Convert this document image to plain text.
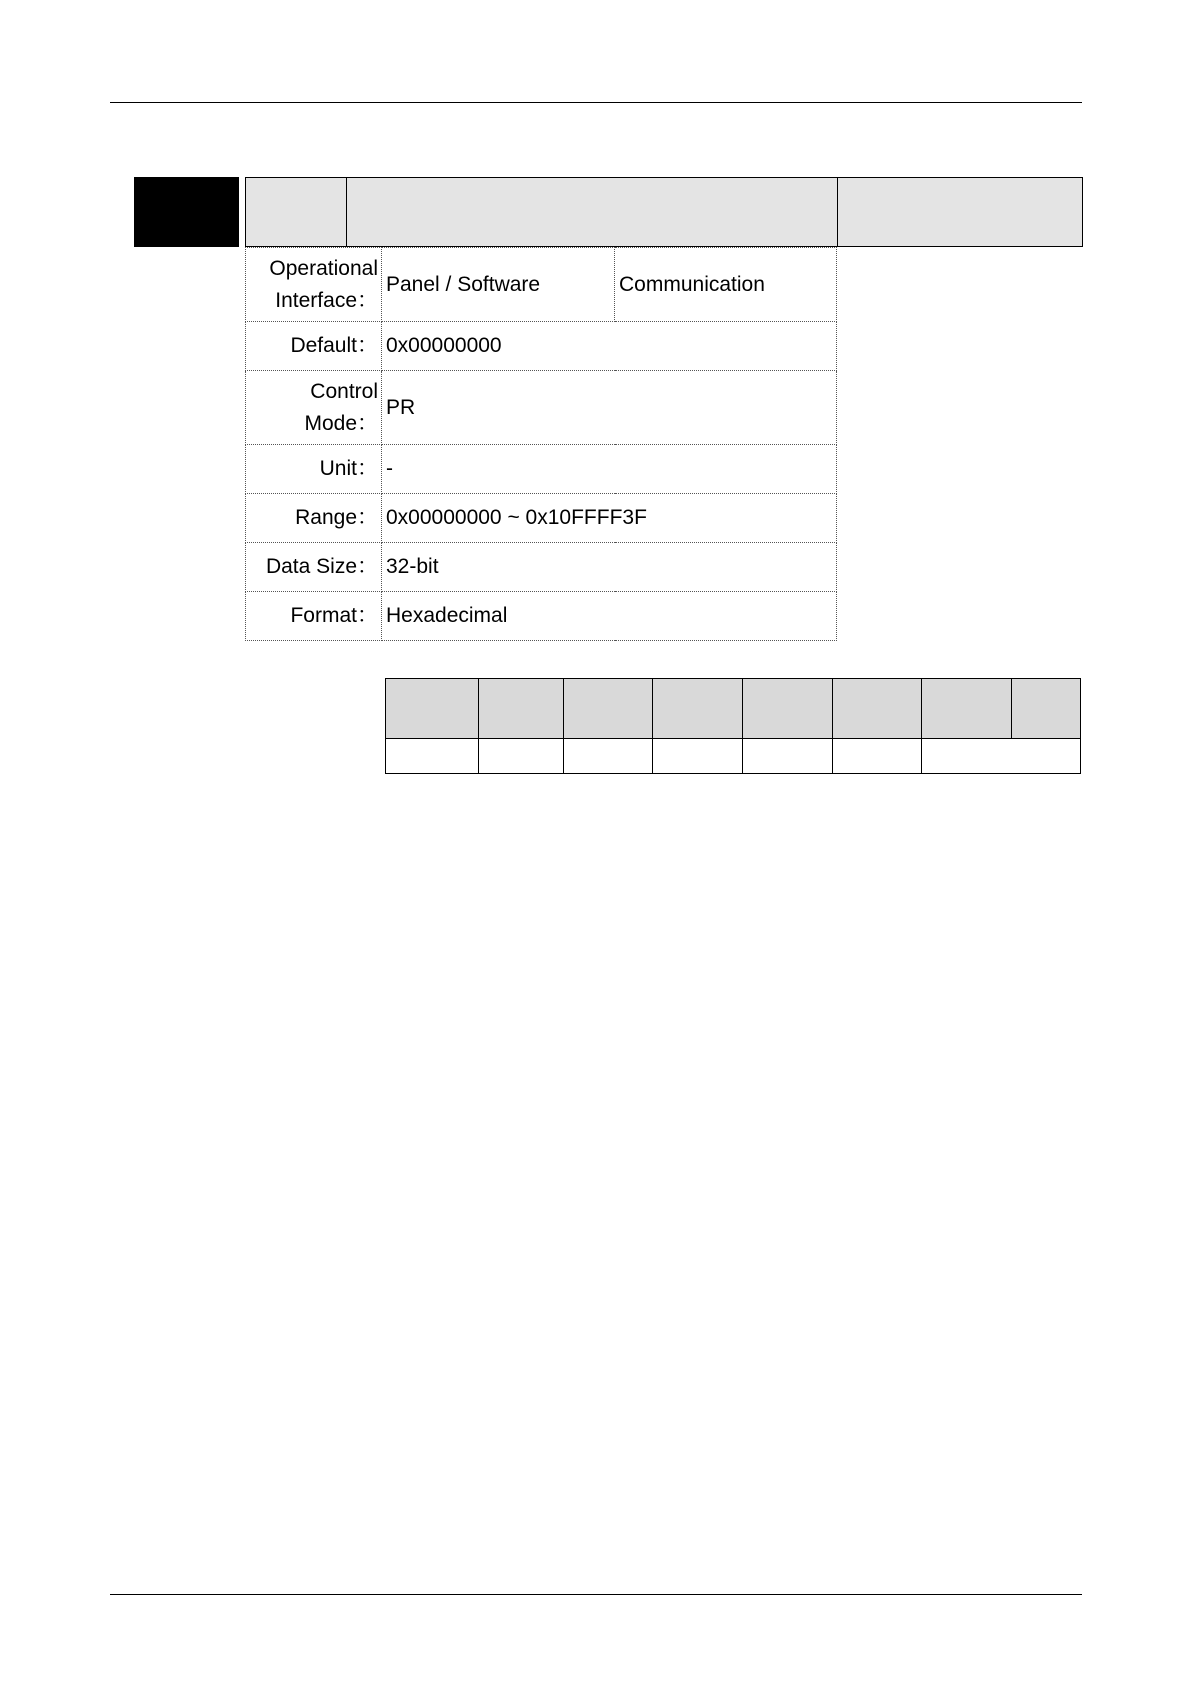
Operational
Interface：	Panel / Software	Communication
Default：	0x00000000	

Control
Mode：	PR	
Unit：	-	
Range：	0x00000000 ~ 0x10FFFF3F	
Data Size：	32-bit	
Format：	Hexadecimal	
